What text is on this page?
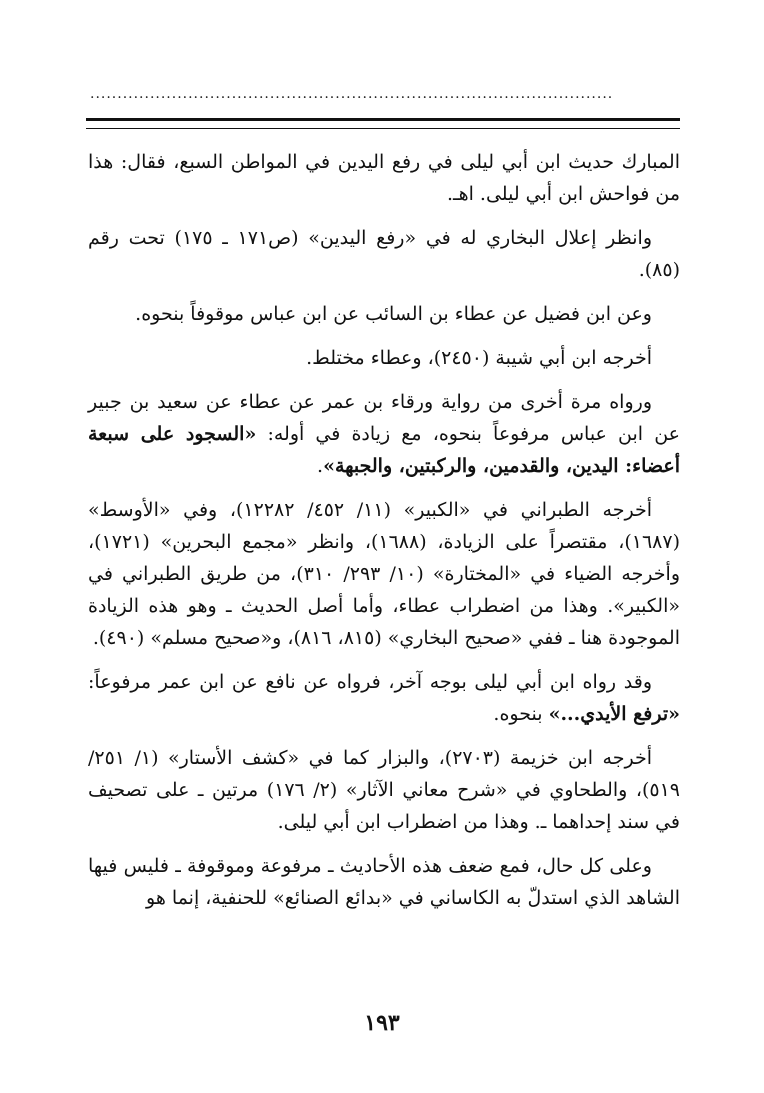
................................................................................................

المبارك حديث ابن أبي ليلى في رفع اليدين في المواطن السبع، فقال: هذا من فواحش ابن أبي ليلى. اهـ.

وانظر إعلال البخاري له في «رفع اليدين» (ص١٧١ ـ ١٧٥) تحت رقم (٨٥).

وعن ابن فضيل عن عطاء بن السائب عن ابن عباس موقوفاً بنحوه.

أخرجه ابن أبي شيبة (٢٤٥٠)، وعطاء مختلط.

ورواه مرة أخرى من رواية ورقاء بن عمر عن عطاء عن سعيد بن جبير عن ابن عباس مرفوعاً بنحوه، مع زيادة في أوله: «السجود على سبعة أعضاء: اليدين، والقدمين، والركبتين، والجبهة».

أخرجه الطبراني في «الكبير» (١١/ ٤٥٢/ ١٢٢٨٢)، وفي «الأوسط» (١٦٨٧)، مقتصراً على الزيادة، (١٦٨٨)، وانظر «مجمع البحرين» (١٧٢١)، وأخرجه الضياء في «المختارة» (١٠/ ٢٩٣/ ٣١٠)، من طريق الطبراني في «الكبير». وهذا من اضطراب عطاء، وأما أصل الحديث ـ وهو هذه الزيادة الموجودة هنا ـ ففي «صحيح البخاري» (٨١٥، ٨١٦)، و«صحيح مسلم» (٤٩٠).

وقد رواه ابن أبي ليلى بوجه آخر، فرواه عن نافع عن ابن عمر مرفوعاً: «ترفع الأيدي...» بنحوه.

أخرجه ابن خزيمة (٢٧٠٣)، والبزار كما في «كشف الأستار» (١/ ٢٥١/ ٥١٩)، والطحاوي في «شرح معاني الآثار» (٢/ ١٧٦) مرتين ـ على تصحيف في سند إحداهما ـ. وهذا من اضطراب ابن أبي ليلى.

وعلى كل حال، فمع ضعف هذه الأحاديث ـ مرفوعة وموقوفة ـ فليس فيها الشاهد الذي استدلّ به الكاساني في «بدائع الصنائع» للحنفية، إنما هو

١٩٣
